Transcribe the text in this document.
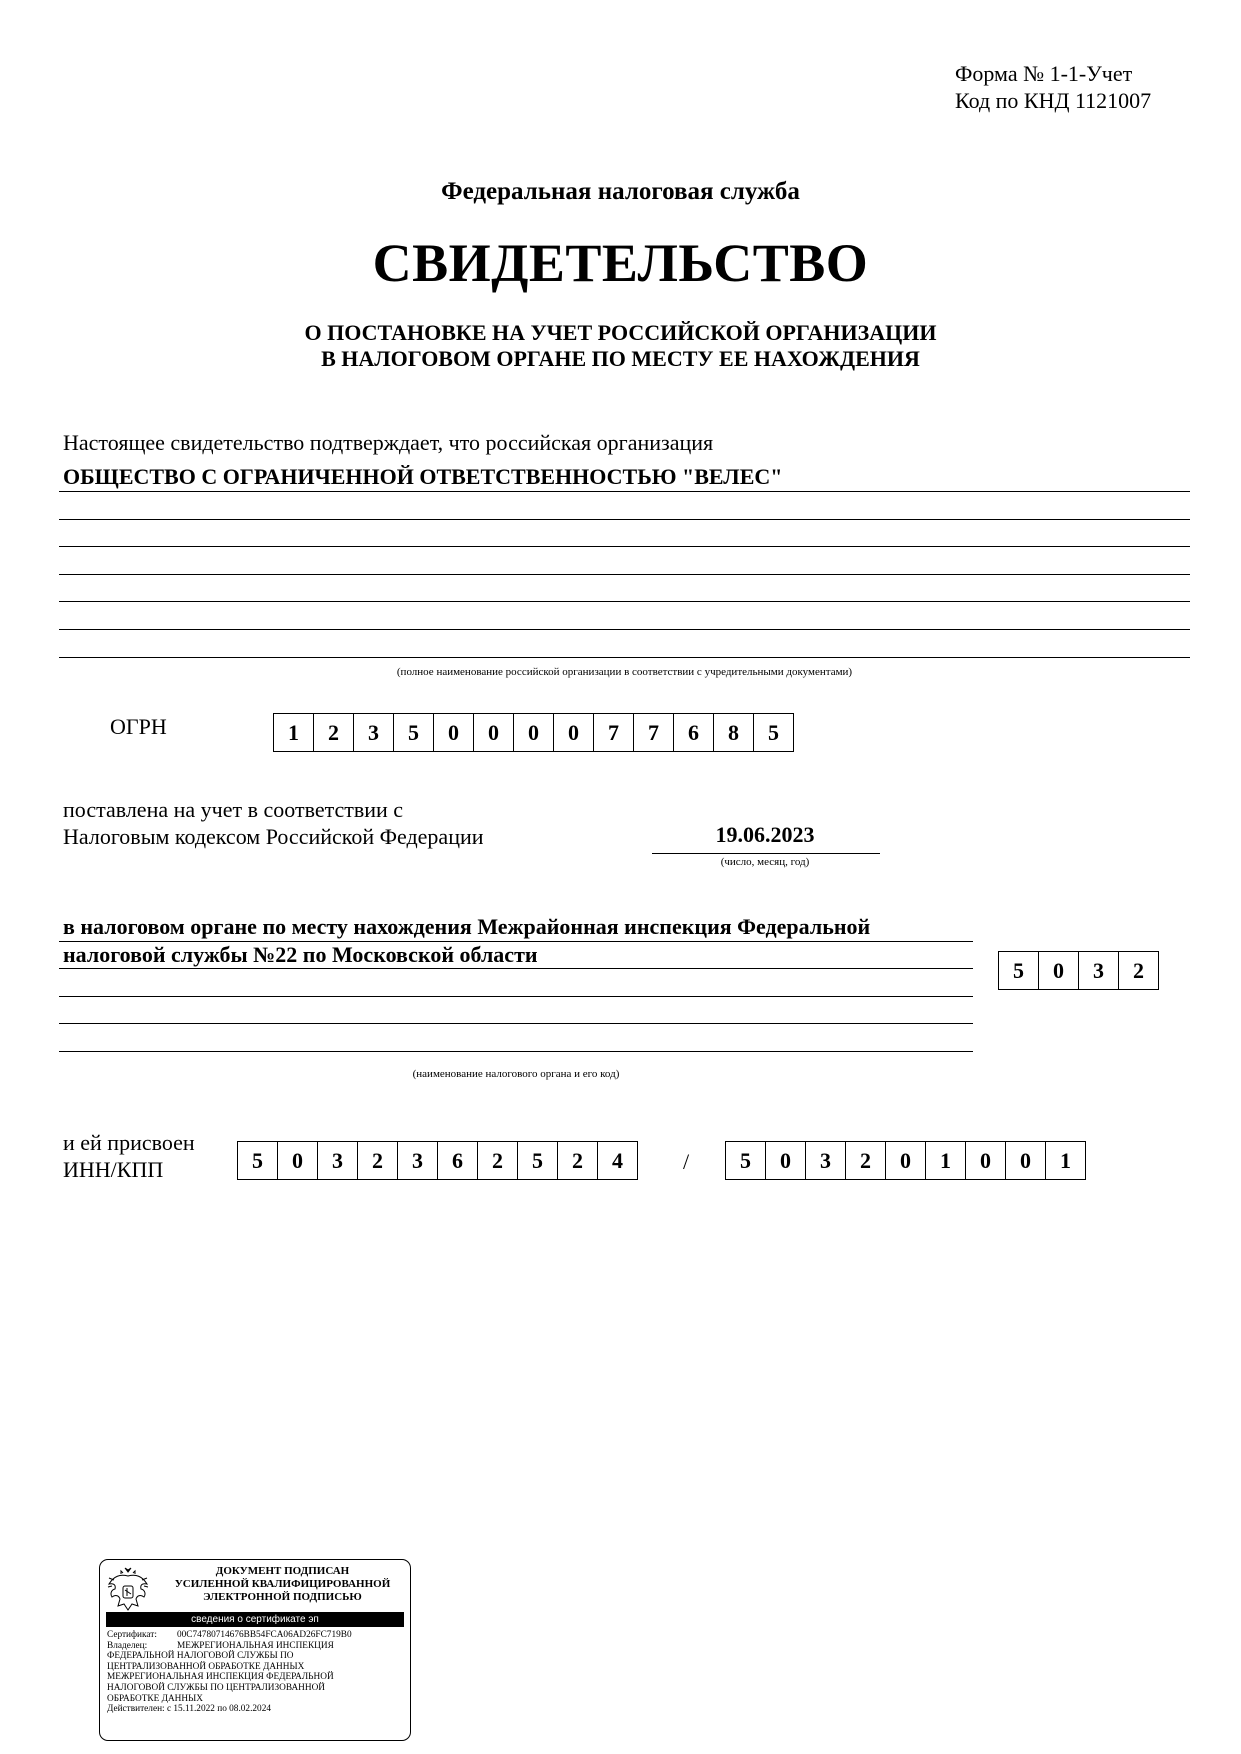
Форма № 1-1-Учет
Код по КНД 1121007
Федеральная налоговая служба
СВИДЕТЕЛЬСТВО
О ПОСТАНОВКЕ НА УЧЕТ РОССИЙСКОЙ ОРГАНИЗАЦИИ
В НАЛОГОВОМ ОРГАНЕ ПО МЕСТУ ЕЕ НАХОЖДЕНИЯ
Настоящее свидетельство подтверждает, что российская организация
ОБЩЕСТВО С ОГРАНИЧЕННОЙ ОТВЕТСТВЕННОСТЬЮ "ВЕЛЕС"
(полное наименование российской организации в соответствии с учредительными документами)
ОГРН	1	2	3	5	0	0	0	0	7	7	6	8	5
поставлена на учет в соответствии с
Налоговым кодексом Российской Федерации	19.06.2023
(число, месяц, год)
в налоговом органе по месту нахождения Межрайонная инспекция Федеральной
налоговой службы №22 по Московской области
5	0	3	2
(наименование налогового органа и его код)
и ей присвоен
ИНН/КПП	5	0	3	2	3	6	2	5	2	4	/	5	0	3	2	0	1	0	0	1
ДОКУМЕНТ ПОДПИСАН
УСИЛЕННОЙ КВАЛИФИЦИРОВАННОЙ
ЭЛЕКТРОННОЙ ПОДПИСЬЮ
сведения о сертификате эп
Сертификат:	00C74780714676BB54FCA06AD26FC719B0
Владелец:	МЕЖРЕГИОНАЛЬНАЯ ИНСПЕКЦИЯ
ФЕДЕРАЛЬНОЙ НАЛОГОВОЙ СЛУЖБЫ ПО
ЦЕНТРАЛИЗОВАННОЙ ОБРАБОТКЕ ДАННЫХ
МЕЖРЕГИОНАЛЬНАЯ ИНСПЕКЦИЯ ФЕДЕРАЛЬНОЙ
НАЛОГОВОЙ СЛУЖБЫ ПО ЦЕНТРАЛИЗОВАННОЙ
ОБРАБОТКЕ ДАННЫХ
Действителен: с 15.11.2022 по 08.02.2024
